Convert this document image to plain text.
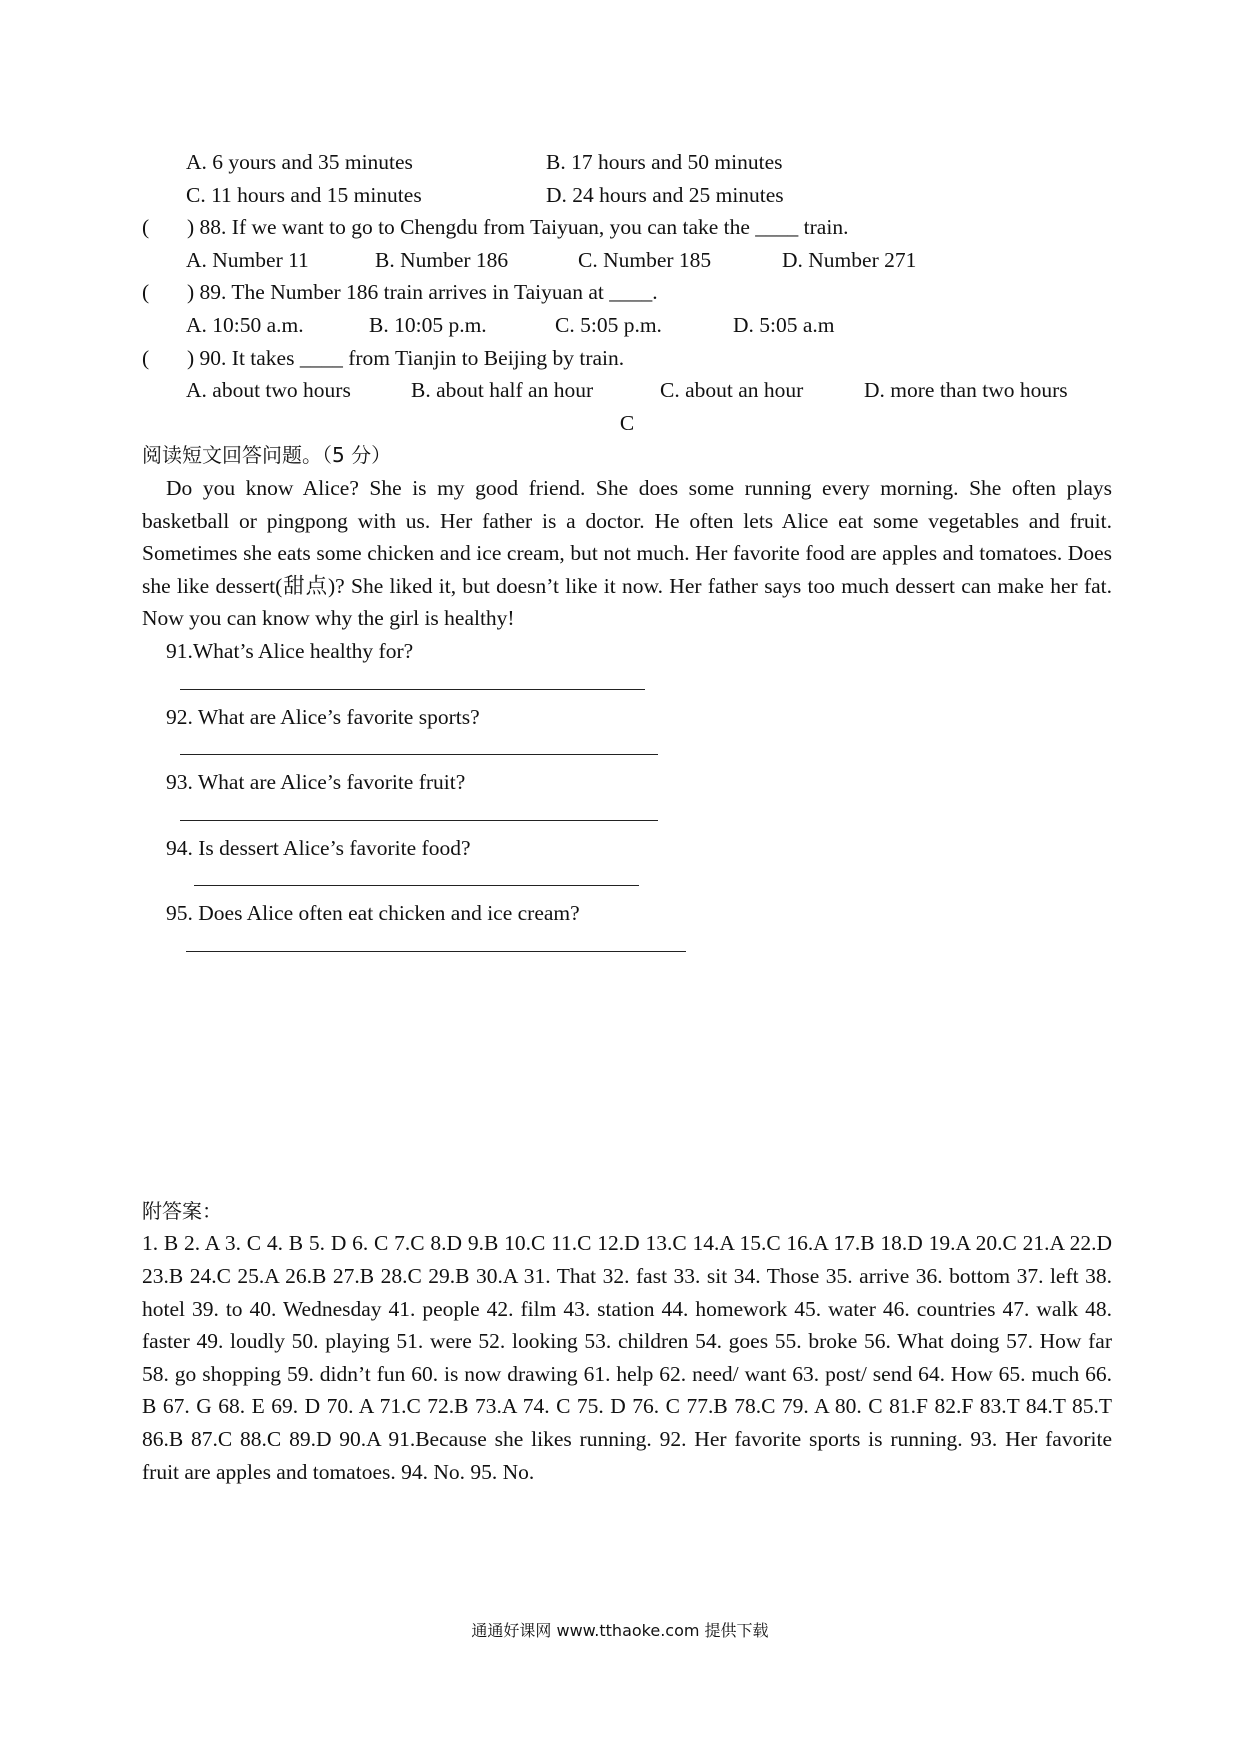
A. 6 yours and 35 minutes	B. 17 hours and 50 minutes
C. 11 hours and 15 minutes	D. 24 hours and 25 minutes
( ) 88. If we want to go to Chengdu from Taiyuan, you can take the ____ train.
A. Number 11	B. Number 186	C. Number 185	D. Number 271
( ) 89. The Number 186 train arrives in Taiyuan at ____.
A. 10:50 a.m.	B. 10:05 p.m.	C. 5:05 p.m.	D. 5:05 a.m
( ) 90. It takes ____ from Tianjin to Beijing by train.
A. about two hours	B. about half an hour	C. about an hour	D. more than two hours
C
阅读短文回答问题。（5 分）

Do you know Alice? She is my good friend. She does some running every morning. She often plays basketball or pingpong with us. Her father is a doctor. He often lets Alice eat some vegetables and fruit. Sometimes she eats some chicken and ice cream, but not much. Her favorite food are apples and tomatoes. Does she like dessert(甜点)? She liked it, but doesn’t like it now. Her father says too much dessert can make her fat. Now you can know why the girl is healthy!

91.What’s Alice healthy for?
92. What are Alice’s favorite sports?
93. What are Alice’s favorite fruit?
94. Is dessert Alice’s favorite food?
95. Does Alice often eat chicken and ice cream?
附答案：

1. B 2. A 3. C 4. B 5. D 6. C 7.C 8.D 9.B 10.C 11.C 12.D 13.C 14.A 15.C 16.A 17.B 18.D 19.A 20.C 21.A 22.D 23.B 24.C 25.A 26.B 27.B 28.C 29.B 30.A 31. That 32. fast 33. sit 34. Those 35. arrive 36. bottom 37. left 38. hotel 39. to 40. Wednesday 41. people 42. film 43. station 44. homework 45. water 46. countries 47. walk 48. faster 49. loudly 50. playing 51. were 52. looking 53. children 54. goes 55. broke 56. What doing 57. How far 58. go shopping 59. didn’t fun 60. is now drawing 61. help 62. need/ want 63. post/ send 64. How 65. much 66. B 67. G 68. E 69. D 70. A 71.C 72.B 73.A 74. C 75. D 76. C 77.B 78.C 79. A 80. C 81.F 82.F 83.T 84.T 85.T 86.B 87.C 88.C 89.D 90.A 91.Because she likes running. 92. Her favorite sports is running. 93. Her favorite fruit are apples and tomatoes. 94. No. 95. No.

通通好课网 www.tthaoke.com 提供下载
